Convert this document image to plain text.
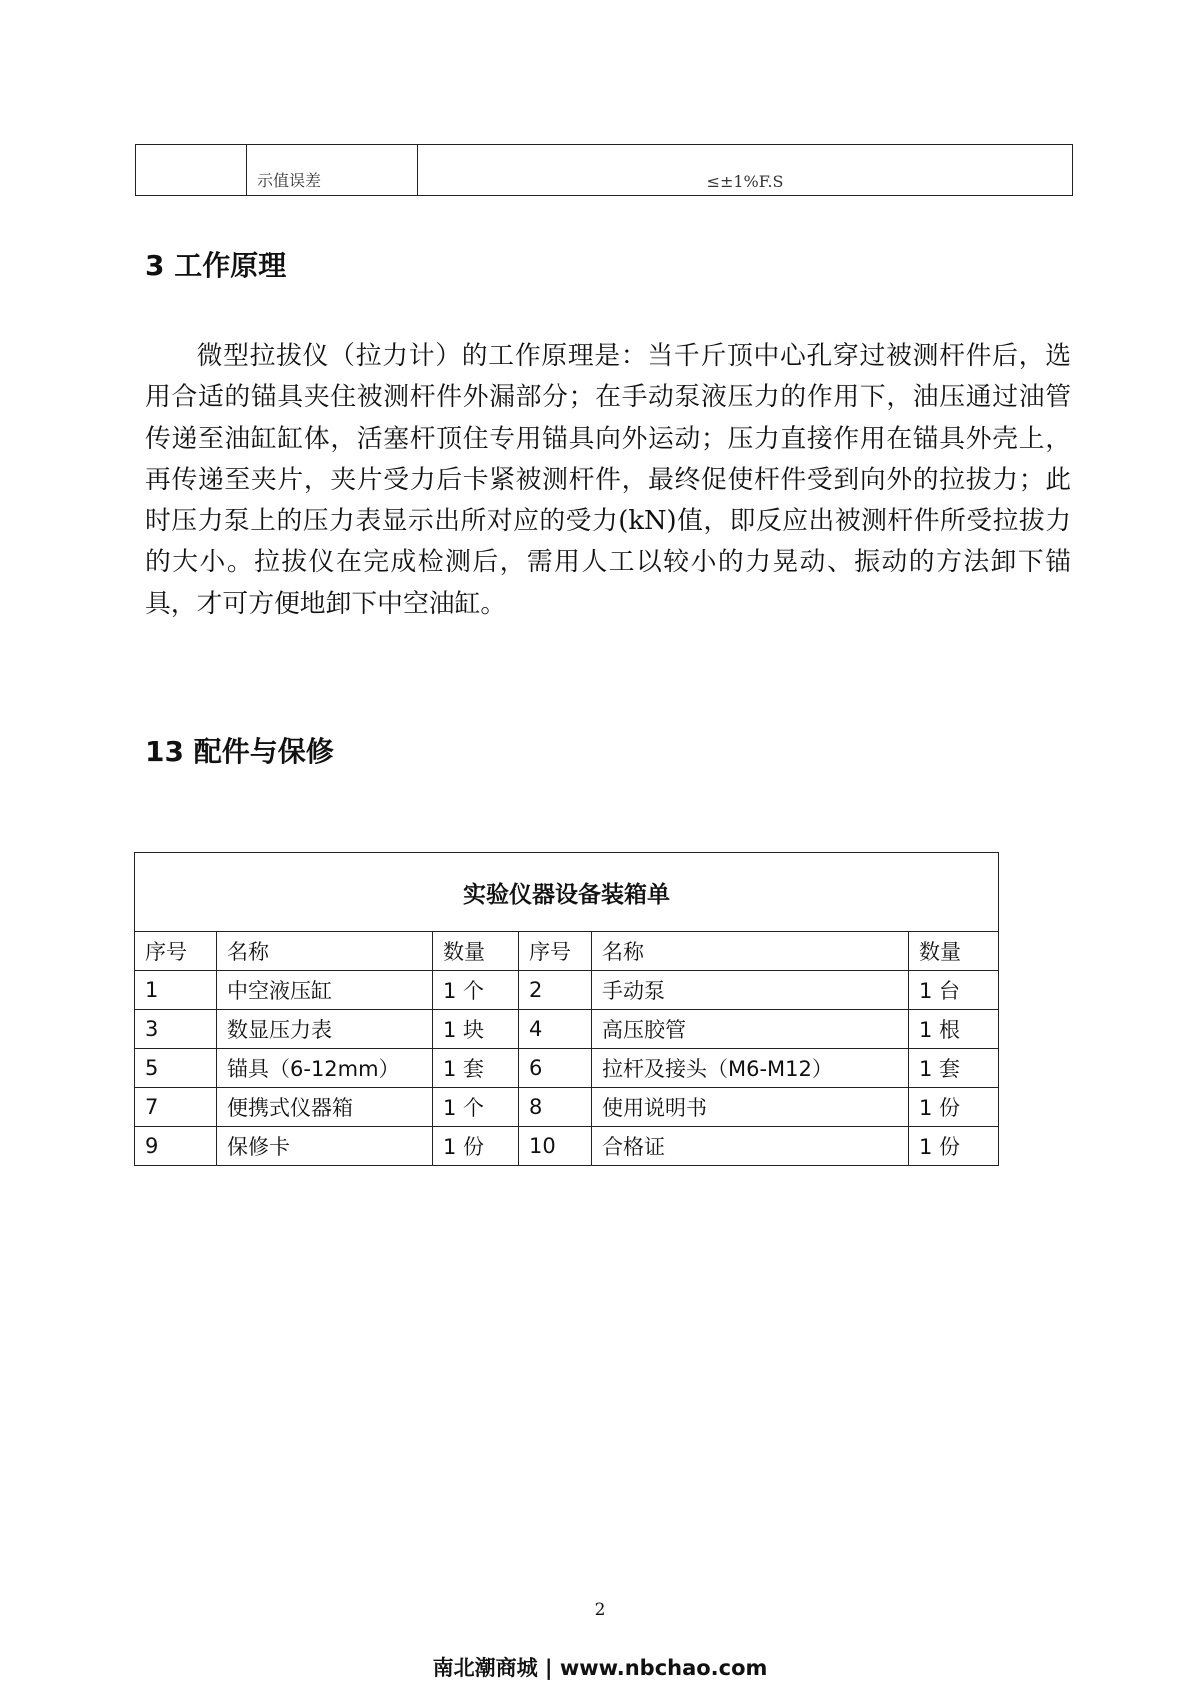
	示值误差	≤±1%F.S
3 工作原理
微型拉拔仪（拉力计）的工作原理是：当千斤顶中心孔穿过被测杆件后，选用合适的锚具夹住被测杆件外漏部分；在手动泵液压力的作用下，油压通过油管传递至油缸缸体，活塞杆顶住专用锚具向外运动；压力直接作用在锚具外壳上，再传递至夹片，夹片受力后卡紧被测杆件，最终促使杆件受到向外的拉拔力；此时压力泵上的压力表显示出所对应的受力(kN)值，即反应出被测杆件所受拉拔力的大小。拉拔仪在完成检测后，需用人工以较小的力晃动、振动的方法卸下锚具，才可方便地卸下中空油缸。
13 配件与保修
实验仪器设备装箱单					
序号	名称	数量	序号	名称	数量
1	中空液压缸	1 个	2	手动泵	1 台
3	数显压力表	1 块	4	高压胶管	1 根
5	锚具（6-12mm）	1 套	6	拉杆及接头（M6-M12）	1 套
7	便携式仪器箱	1 个	8	使用说明书	1 份
9	保修卡	1 份	10	合格证	1 份
2
南北潮商城 | www.nbchao.com
